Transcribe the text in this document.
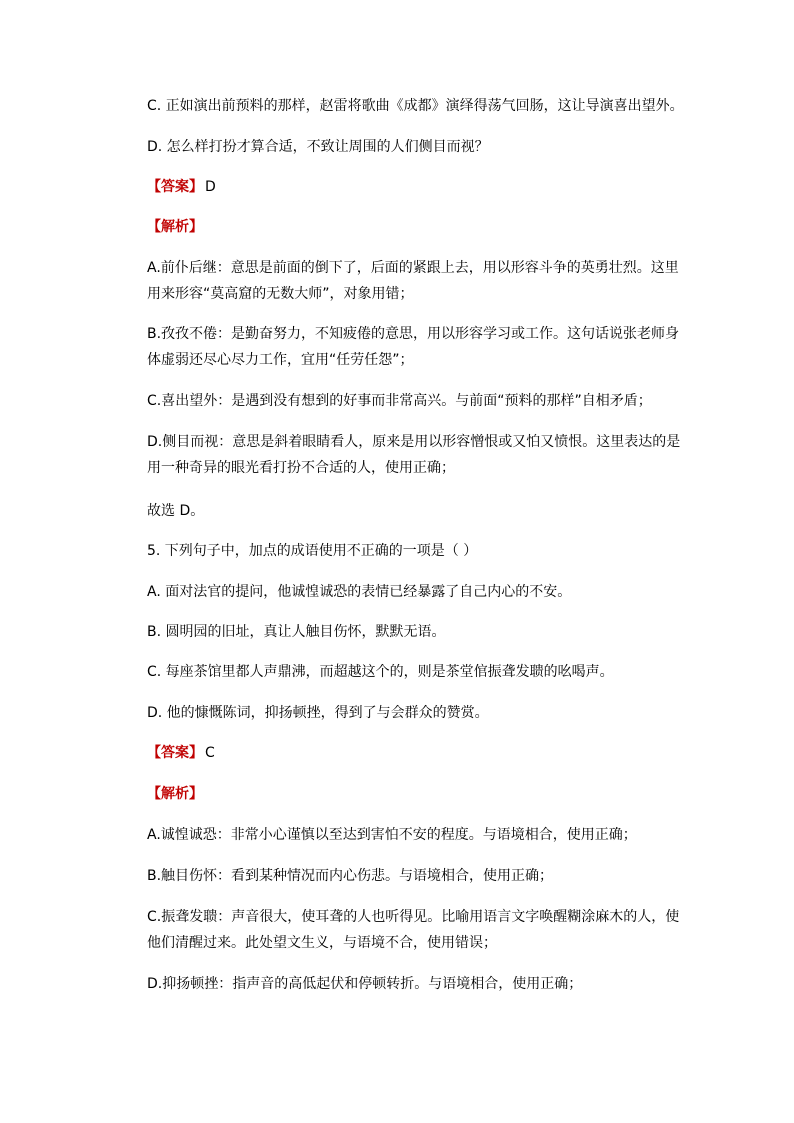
C. 正如演出前预料的那样，赵雷将歌曲《成都》演绎得荡气回肠，这让导演喜出望外。
D. 怎么样打扮才算合适，不致让周围的人们侧目而视？
【答案】 D
【解析】
A.前仆后继：意思是前面的倒下了，后面的紧跟上去，用以形容斗争的英勇壮烈。这里
用来形容“莫高窟的无数大师”，对象用错；
B.孜孜不倦：是勤奋努力，不知疲倦的意思，用以形容学习或工作。这句话说张老师身
体虚弱还尽心尽力工作，宜用“任劳任怨”；
C.喜出望外：是遇到没有想到的好事而非常高兴。与前面“预料的那样”自相矛盾；
D.侧目而视：意思是斜着眼睛看人，原来是用以形容憎恨或又怕又愤恨。这里表达的是
用一种奇异的眼光看打扮不合适的人，使用正确；
故选 D。
5. 下列句子中，加点的成语使用不正确的一项是（ ）
A. 面对法官的提问，他诚惶诚恐的表情已经暴露了自己内心的不安。
B. 圆明园的旧址，真让人触目伤怀，默默无语。
C. 每座茶馆里都人声鼎沸，而超越这个的，则是茶堂倌振聋发聩的吆喝声。
D. 他的慷慨陈词，抑扬顿挫，得到了与会群众的赞赏。
【答案】 C
【解析】
A.诚惶诚恐：非常小心谨慎以至达到害怕不安的程度。与语境相合，使用正确；
B.触目伤怀：看到某种情况而内心伤悲。与语境相合，使用正确；
C.振聋发聩：声音很大，使耳聋的人也听得见。比喻用语言文字唤醒糊涂麻木的人，使
他们清醒过来。此处望文生义，与语境不合，使用错误；
D.抑扬顿挫：指声音的高低起伏和停顿转折。与语境相合，使用正确；
